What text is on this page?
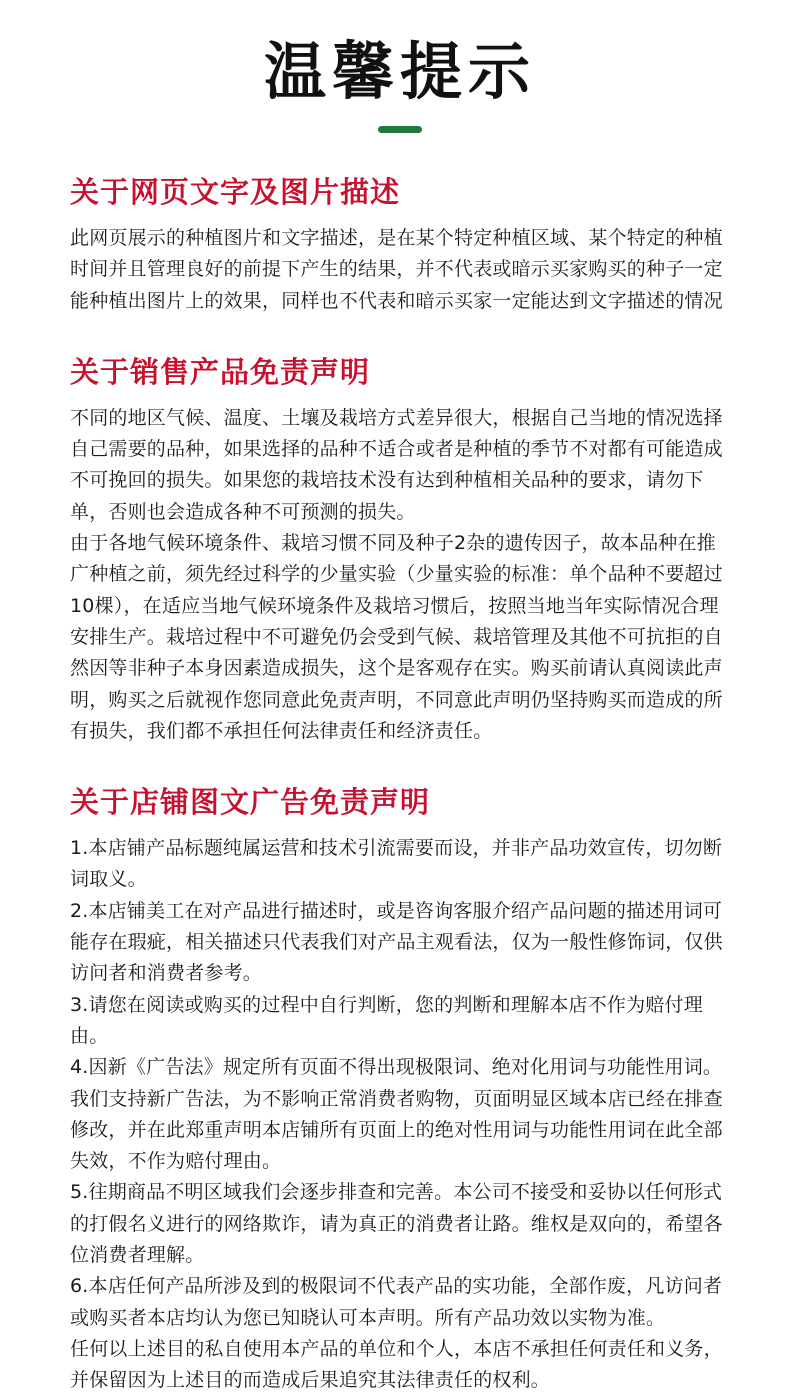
温馨提示
关于网页文字及图片描述

此网页展示的种植图片和文字描述，是在某个特定种植区域、某个特定的种植时间并且管理良好的前提下产生的结果，并不代表或暗示买家购买的种子一定能种植出图片上的效果，同样也不代表和暗示买家一定能达到文字描述的情况

关于销售产品免责声明

不同的地区气候、温度、土壤及栽培方式差异很大，根据自己当地的情况选择自己需要的品种，如果选择的品种不适合或者是种植的季节不对都有可能造成不可挽回的损失。如果您的栽培技术没有达到种植相关品种的要求，请勿下单，否则也会造成各种不可预测的损失。

由于各地气候环境条件、栽培习惯不同及种子2杂的遗传因子，故本品种在推广种植之前，须先经过科学的少量实验（少量实验的标准：单个品种不要超过 10棵），在适应当地气候环境条件及栽培习惯后，按照当地当年实际情况合理安排生产。栽培过程中不可避免仍会受到气候、栽培管理及其他不可抗拒的自然因等非种子本身因素造成损失，这个是客观存在实。购买前请认真阅读此声明，购买之后就视作您同意此免责声明，不同意此声明仍坚持购买而造成的所有损失，我们都不承担任何法律责任和经济责任。

关于店铺图文广告免责声明

1.本店铺产品标题纯属运营和技术引流需要而设，并非产品功效宣传，切勿断词取义。

2.本店铺美工在对产品进行描述时，或是咨询客服介绍产品问题的描述用词可能存在瑕疵，相关描述只代表我们对产品主观看法，仅为一般性修饰词，仅供访问者和消费者参考。

3.请您在阅读或购买的过程中自行判断，您的判断和理解本店不作为赔付理由。

4.因新《广告法》规定所有页面不得出现极限词、绝对化用词与功能性用词。我们支持新广告法，为不影响正常消费者购物，页面明显区域本店已经在排查修改，并在此郑重声明本店铺所有页面上的绝对性用词与功能性用词在此全部失效，不作为赔付理由。

5.往期商品不明区域我们会逐步排查和完善。本公司不接受和妥协以任何形式的打假名义进行的网络欺诈，请为真正的消费者让路。维权是双向的，希望各位消费者理解。

6.本店任何产品所涉及到的极限词不代表产品的实功能，全部作废，凡访问者或购买者本店均认为您已知晓认可本声明。所有产品功效以实物为准。

任何以上述目的私自使用本产品的单位和个人，本店不承担任何责任和义务，并保留因为上述目的而造成后果追究其法律责任的权利。
